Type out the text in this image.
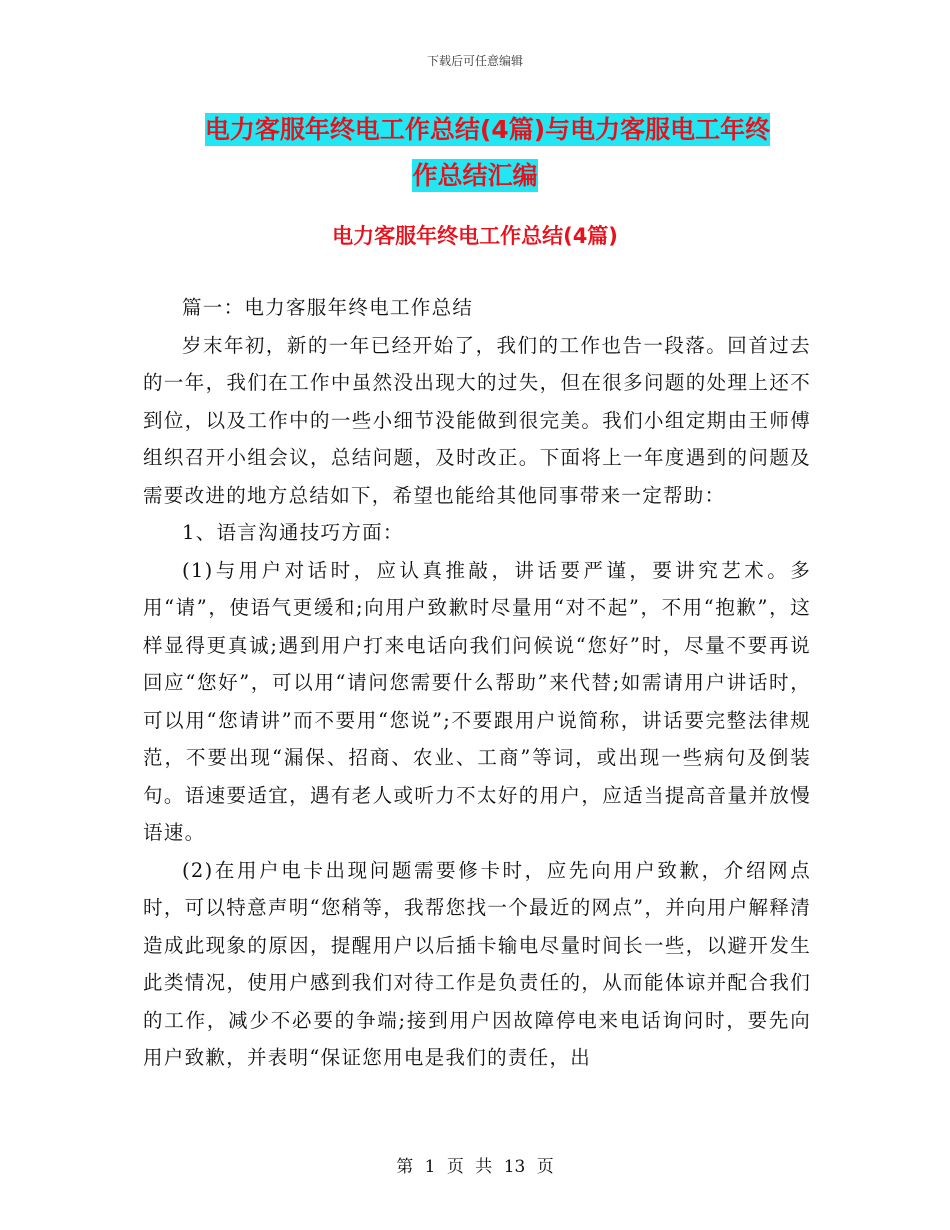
下载后可任意编辑
电力客服年终电工作总结(4篇)与电力客服电工年终
作总结汇编
电力客服年终电工作总结(4篇)

篇一：电力客服年终电工作总结

岁末年初，新的一年已经开始了，我们的工作也告一段落。回首过去的一年，我们在工作中虽然没出现大的过失，但在很多问题的处理上还不到位，以及工作中的一些小细节没能做到很完美。我们小组定期由王师傅组织召开小组会议，总结问题，及时改正。下面将上一年度遇到的问题及需要改进的地方总结如下，希望也能给其他同事带来一定帮助：

1、语言沟通技巧方面：

(1)与用户对话时，应认真推敲，讲话要严谨，要讲究艺术。多用“请”，使语气更缓和;向用户致歉时尽量用“对不起”，不用“抱歉”，这样显得更真诚;遇到用户打来电话向我们问候说“您好”时，尽量不要再说回应“您好”，可以用“请问您需要什么帮助”来代替;如需请用户讲话时，可以用“您请讲”而不要用“您说”;不要跟用户说简称，讲话要完整法律规范，不要出现“漏保、招商、农业、工商”等词，或出现一些病句及倒装句。语速要适宜，遇有老人或听力不太好的用户，应适当提高音量并放慢语速。

(2)在用户电卡出现问题需要修卡时，应先向用户致歉，介绍网点时，可以特意声明“您稍等，我帮您找一个最近的网点”，并向用户解释清造成此现象的原因，提醒用户以后插卡输电尽量时间长一些，以避开发生此类情况，使用户感到我们对待工作是负责任的，从而能体谅并配合我们的工作，减少不必要的争端;接到用户因故障停电来电话询问时，要先向用户致歉，并表明“保证您用电是我们的责任，出

第 1 页 共 13 页
